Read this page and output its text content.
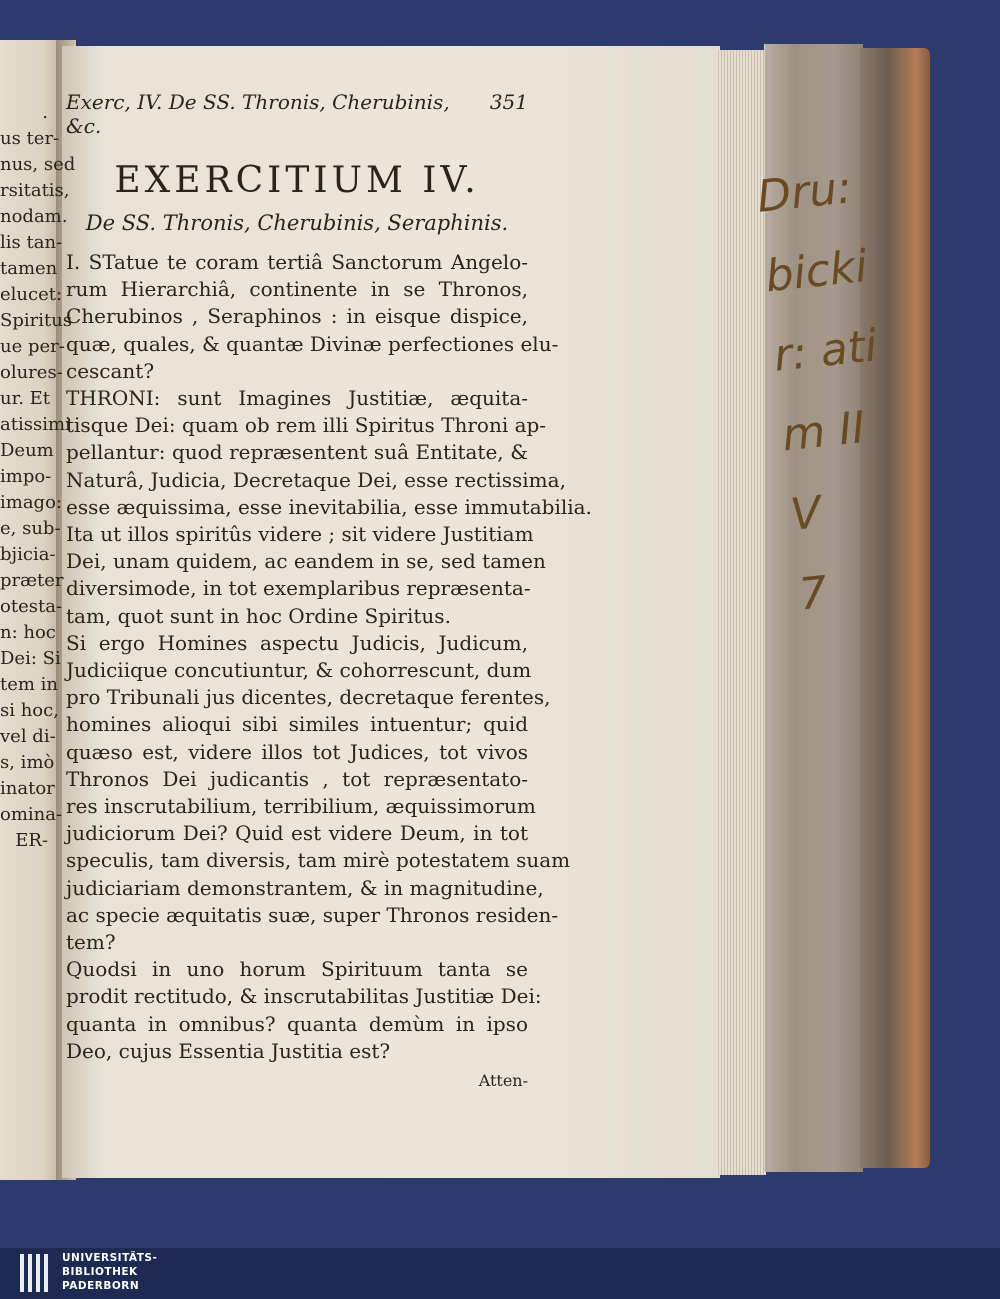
.
us ter-
nus, sed
rsitatis,
nodam.
lis tan-
tamen
elucet:
Spiritus
ue per-
olures-
ur. Et
atissimi
Deum
impo-
imago:
e, sub-
bjicia-
præter
otesta-
n: hoc
Dei: Si
tem in
si hoc,
vel di-
s, imò
inator
omina-
ER-
Exerc, IV. De SS. Thronis, Cherubinis, &c.
351
EXERCITIUM IV.
De SS. Thronis, Cherubinis, Seraphinis.
I. STatue te coram tertiâ Sanctorum Angelo-
rum Hierarchiâ, continente in se Thronos,
Cherubinos , Seraphinos : in eisque dispice,
quæ, quales, & quantæ Divinæ perfectiones elu-
cescant?
THRONI: sunt Imagines Justitiæ, æquita-
tisque Dei: quam ob rem illi Spiritus Throni ap-
pellantur: quod repræsentent suâ Entitate, &
Naturâ, Judicia, Decretaque Dei, esse rectissima,
esse æquissima, esse inevitabilia, esse immutabilia.
Ita ut illos spiritûs videre ; sit videre Justitiam
Dei, unam quidem, ac eandem in se, sed tamen
diversimode, in tot exemplaribus repræsenta-
tam, quot sunt in hoc Ordine Spiritus.
Si ergo Homines aspectu Judicis, Judicum,
Judiciique concutiuntur, & cohorrescunt, dum
pro Tribunali jus dicentes, decretaque ferentes,
homines alioqui sibi similes intuentur; quid
quæso est, videre illos tot Judices, tot vivos
Thronos Dei judicantis , tot repræsentato-
res inscrutabilium, terribilium, æquissimorum
judiciorum Dei? Quid est videre Deum, in tot
speculis, tam diversis, tam mirè potestatem suam
judiciariam demonstrantem, & in magnitudine,
ac specie æquitatis suæ, super Thronos residen-
tem?
Quodsi in uno horum Spirituum tanta se
prodit rectitudo, & inscrutabilitas Justitiæ Dei:
quanta in omnibus? quanta demùm in ipso
Deo, cujus Essentia Justitia est?
Atten-
Dru:
bicki
r: ati
m II
V
7
UNIVERSITÄTS-
BIBLIOTHEK
PADERBORN
